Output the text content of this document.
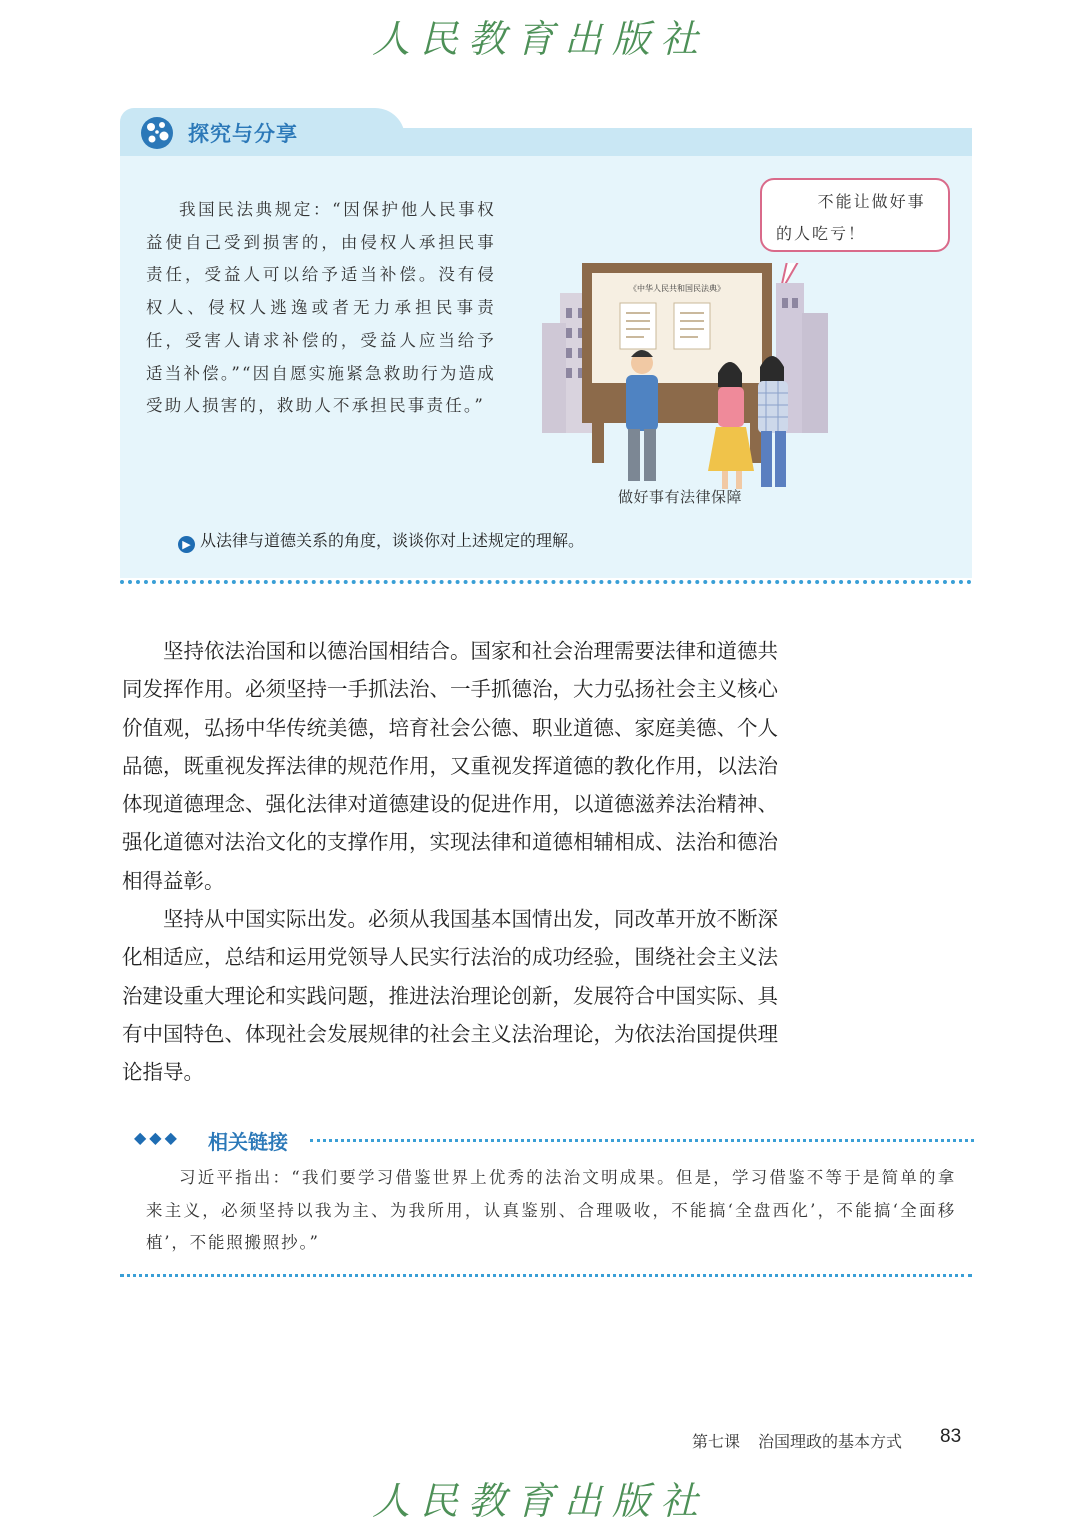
人民教育出版社
探究与分享
我国民法典规定：“因保护他人民事权益使自己受到损害的，由侵权人承担民事责任，受益人可以给予适当补偿。没有侵权人、侵权人逃逸或者无力承担民事责任，受害人请求补偿的，受益人应当给予适当补偿。”“因自愿实施紧急救助行为造成受助人损害的，救助人不承担民事责任。”
不能让做好事的人吃亏！
《中华人民共和国民法典》
做好事有法律保障
▶ 从法律与道德关系的角度，谈谈你对上述规定的理解。

坚持依法治国和以德治国相结合。国家和社会治理需要法律和道德共同发挥作用。必须坚持一手抓法治、一手抓德治，大力弘扬社会主义核心价值观，弘扬中华传统美德，培育社会公德、职业道德、家庭美德、个人品德，既重视发挥法律的规范作用，又重视发挥道德的教化作用，以法治体现道德理念、强化法律对道德建设的促进作用，以道德滋养法治精神、强化道德对法治文化的支撑作用，实现法律和道德相辅相成、法治和德治相得益彰。

坚持从中国实际出发。必须从我国基本国情出发，同改革开放不断深化相适应，总结和运用党领导人民实行法治的成功经验，围绕社会主义法治建设重大理论和实践问题，推进法治理论创新，发展符合中国实际、具有中国特色、体现社会发展规律的社会主义法治理论，为依法治国提供理论指导。

◆◆◆ 相关链接
习近平指出：“我们要学习借鉴世界上优秀的法治文明成果。但是，学习借鉴不等于是简单的拿来主义，必须坚持以我为主、为我所用，认真鉴别、合理吸收，不能搞‘全盘西化’，不能搞‘全面移植’，不能照搬照抄。”
第七课 治国理政的基本方式 83
人民教育出版社
